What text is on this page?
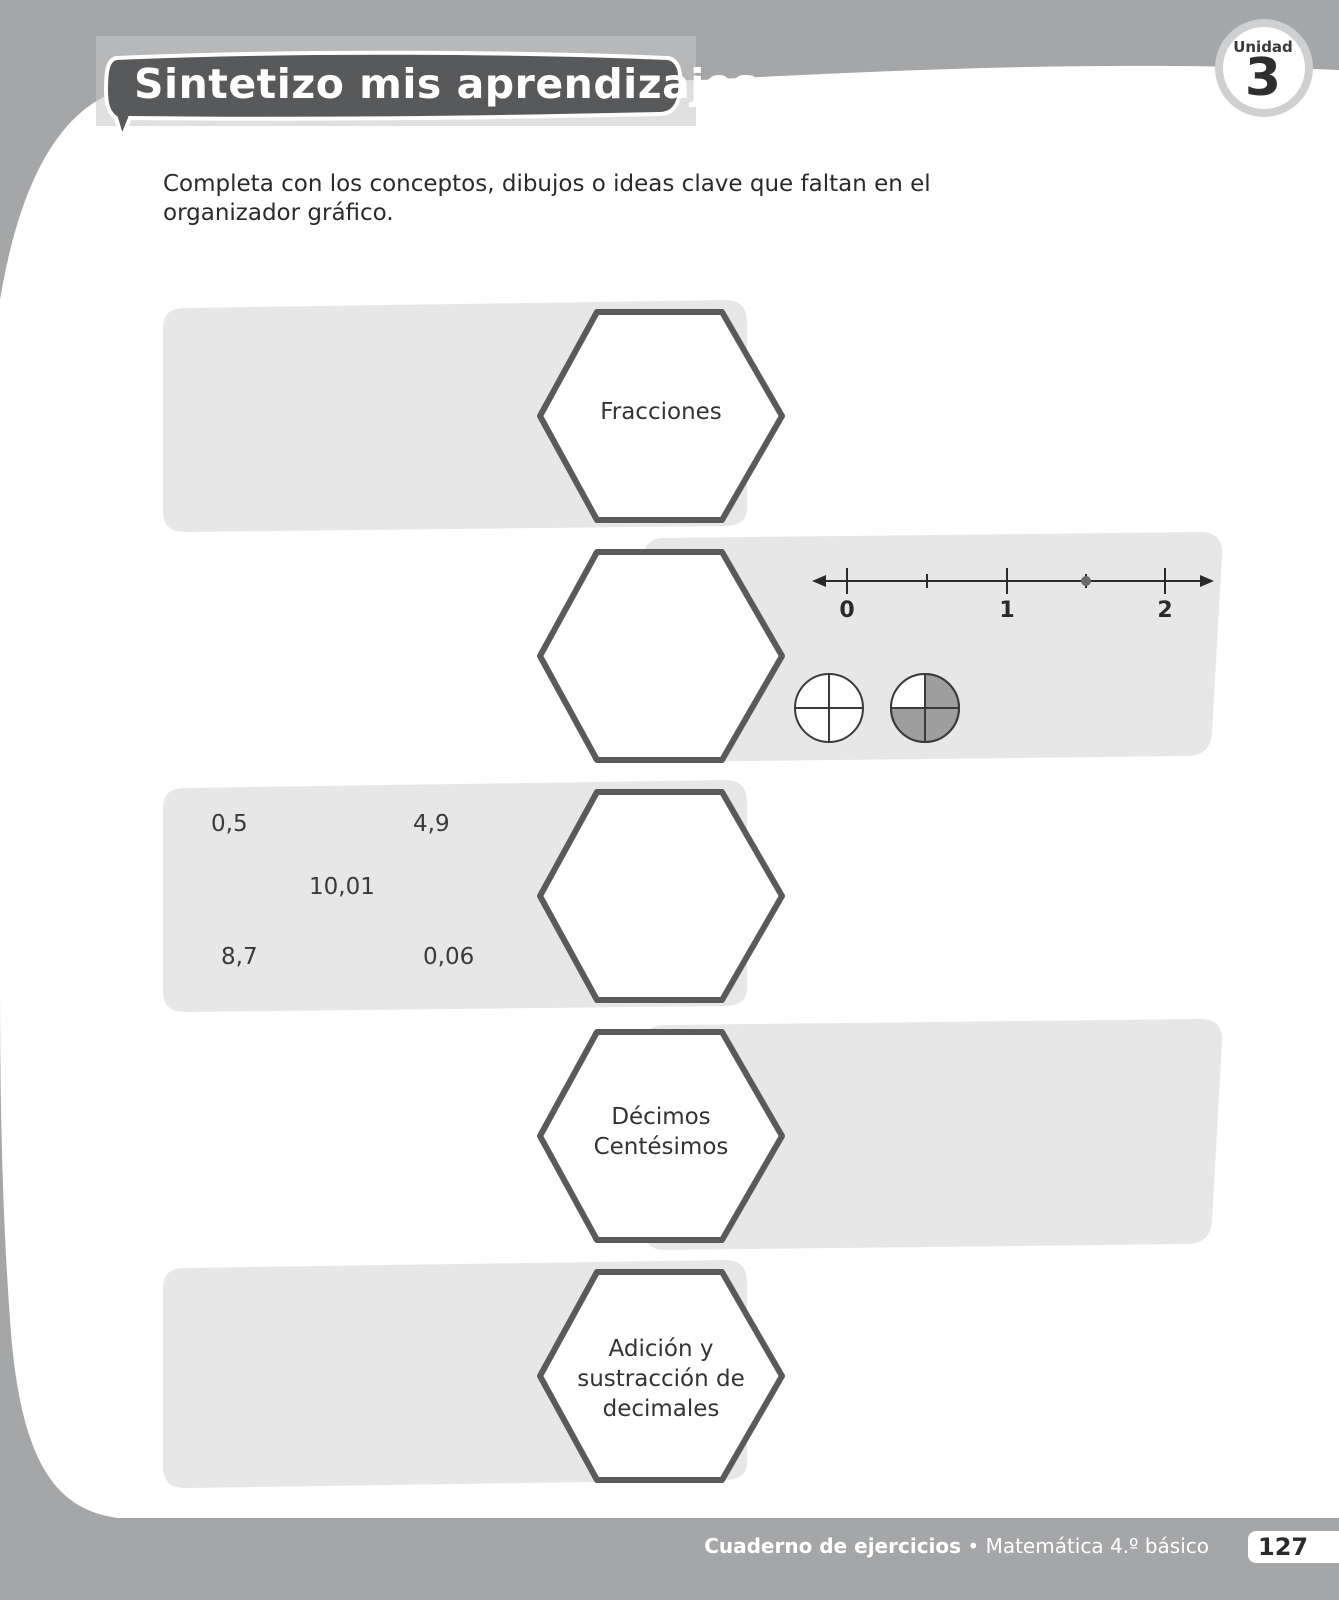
Sintetizo mis aprendizajes
Unidad
3
Completa con los conceptos, dibujos o ideas clave que faltan en el organizador gráfico.
Fracciones
Décimos
Centésimos
Adición y
sustracción de
decimales
0	1	2
0,5	4,9
10,01
8,7	0,06
Cuaderno de ejercicios • Matemática 4.º básico	127
